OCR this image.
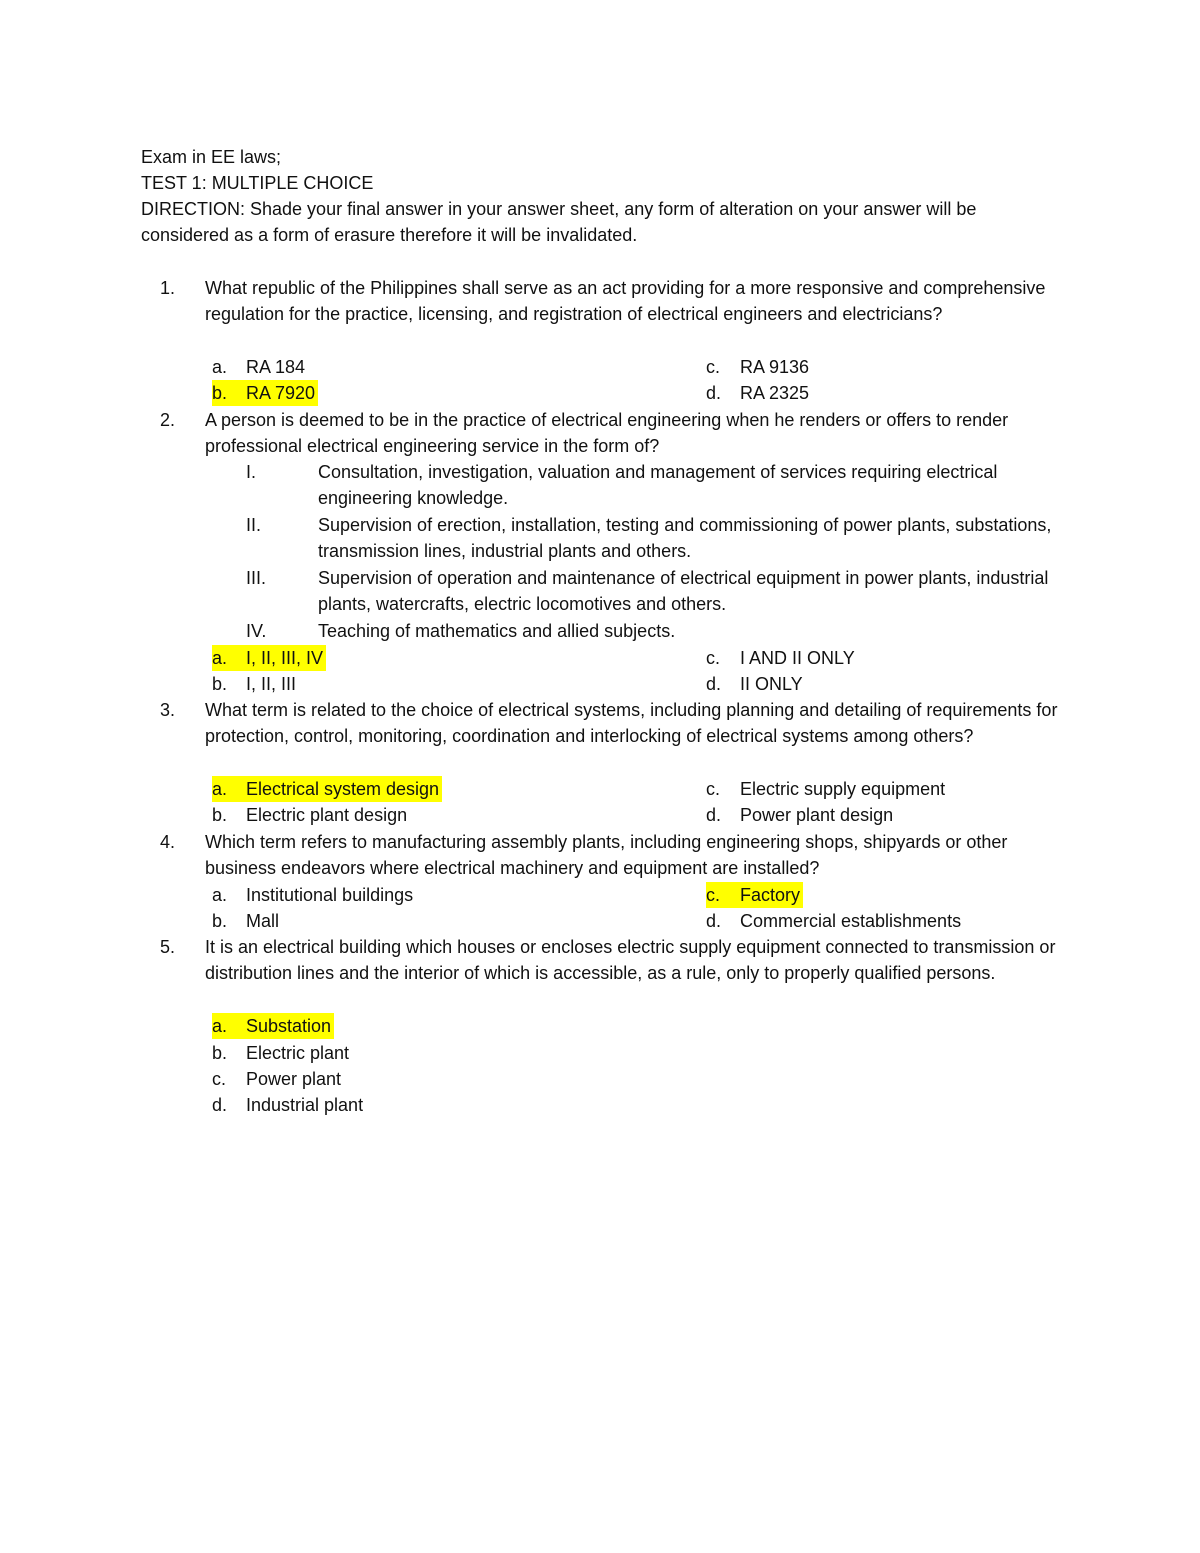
Exam in EE laws;
TEST 1: MULTIPLE CHOICE
DIRECTION: Shade your final answer in your answer sheet, any form of alteration on your answer will be
considered as a form of erasure therefore it will be invalidated.
1.	What republic of the Philippines shall serve as an act providing for a more responsive and comprehensive regulation for the practice, licensing, and registration of electrical engineers and electricians?
a. RA 184
b. RA 7920
c. RA 9136
d. RA 2325
2.	A person is deemed to be in the practice of electrical engineering when he renders or offers to render professional electrical engineering service in the form of?
I.	Consultation, investigation, valuation and management of services requiring electrical engineering knowledge.
II.	Supervision of erection, installation, testing and commissioning of power plants, substations, transmission lines, industrial plants and others.
III.	Supervision of operation and maintenance of electrical equipment in power plants, industrial plants, watercrafts, electric locomotives and others.
IV.	Teaching of mathematics and allied subjects.
a. I, II, III, IV
b. I, II, III
c. I AND II ONLY
d. II ONLY
3.	What term is related to the choice of electrical systems, including planning and detailing of requirements for protection, control, monitoring, coordination and interlocking of electrical systems among others?
a. Electrical system design
b. Electric plant design
c. Electric supply equipment
d. Power plant design
4.	Which term refers to manufacturing assembly plants, including engineering shops, shipyards or other business endeavors where electrical machinery and equipment are installed?
a. Institutional buildings
b. Mall
c. Factory
d. Commercial establishments
5.	It is an electrical building which houses or encloses electric supply equipment connected to transmission or distribution lines and the interior of which is accessible, as a rule, only to properly qualified persons.
a. Substation
b. Electric plant
c. Power plant
d. Industrial plant
